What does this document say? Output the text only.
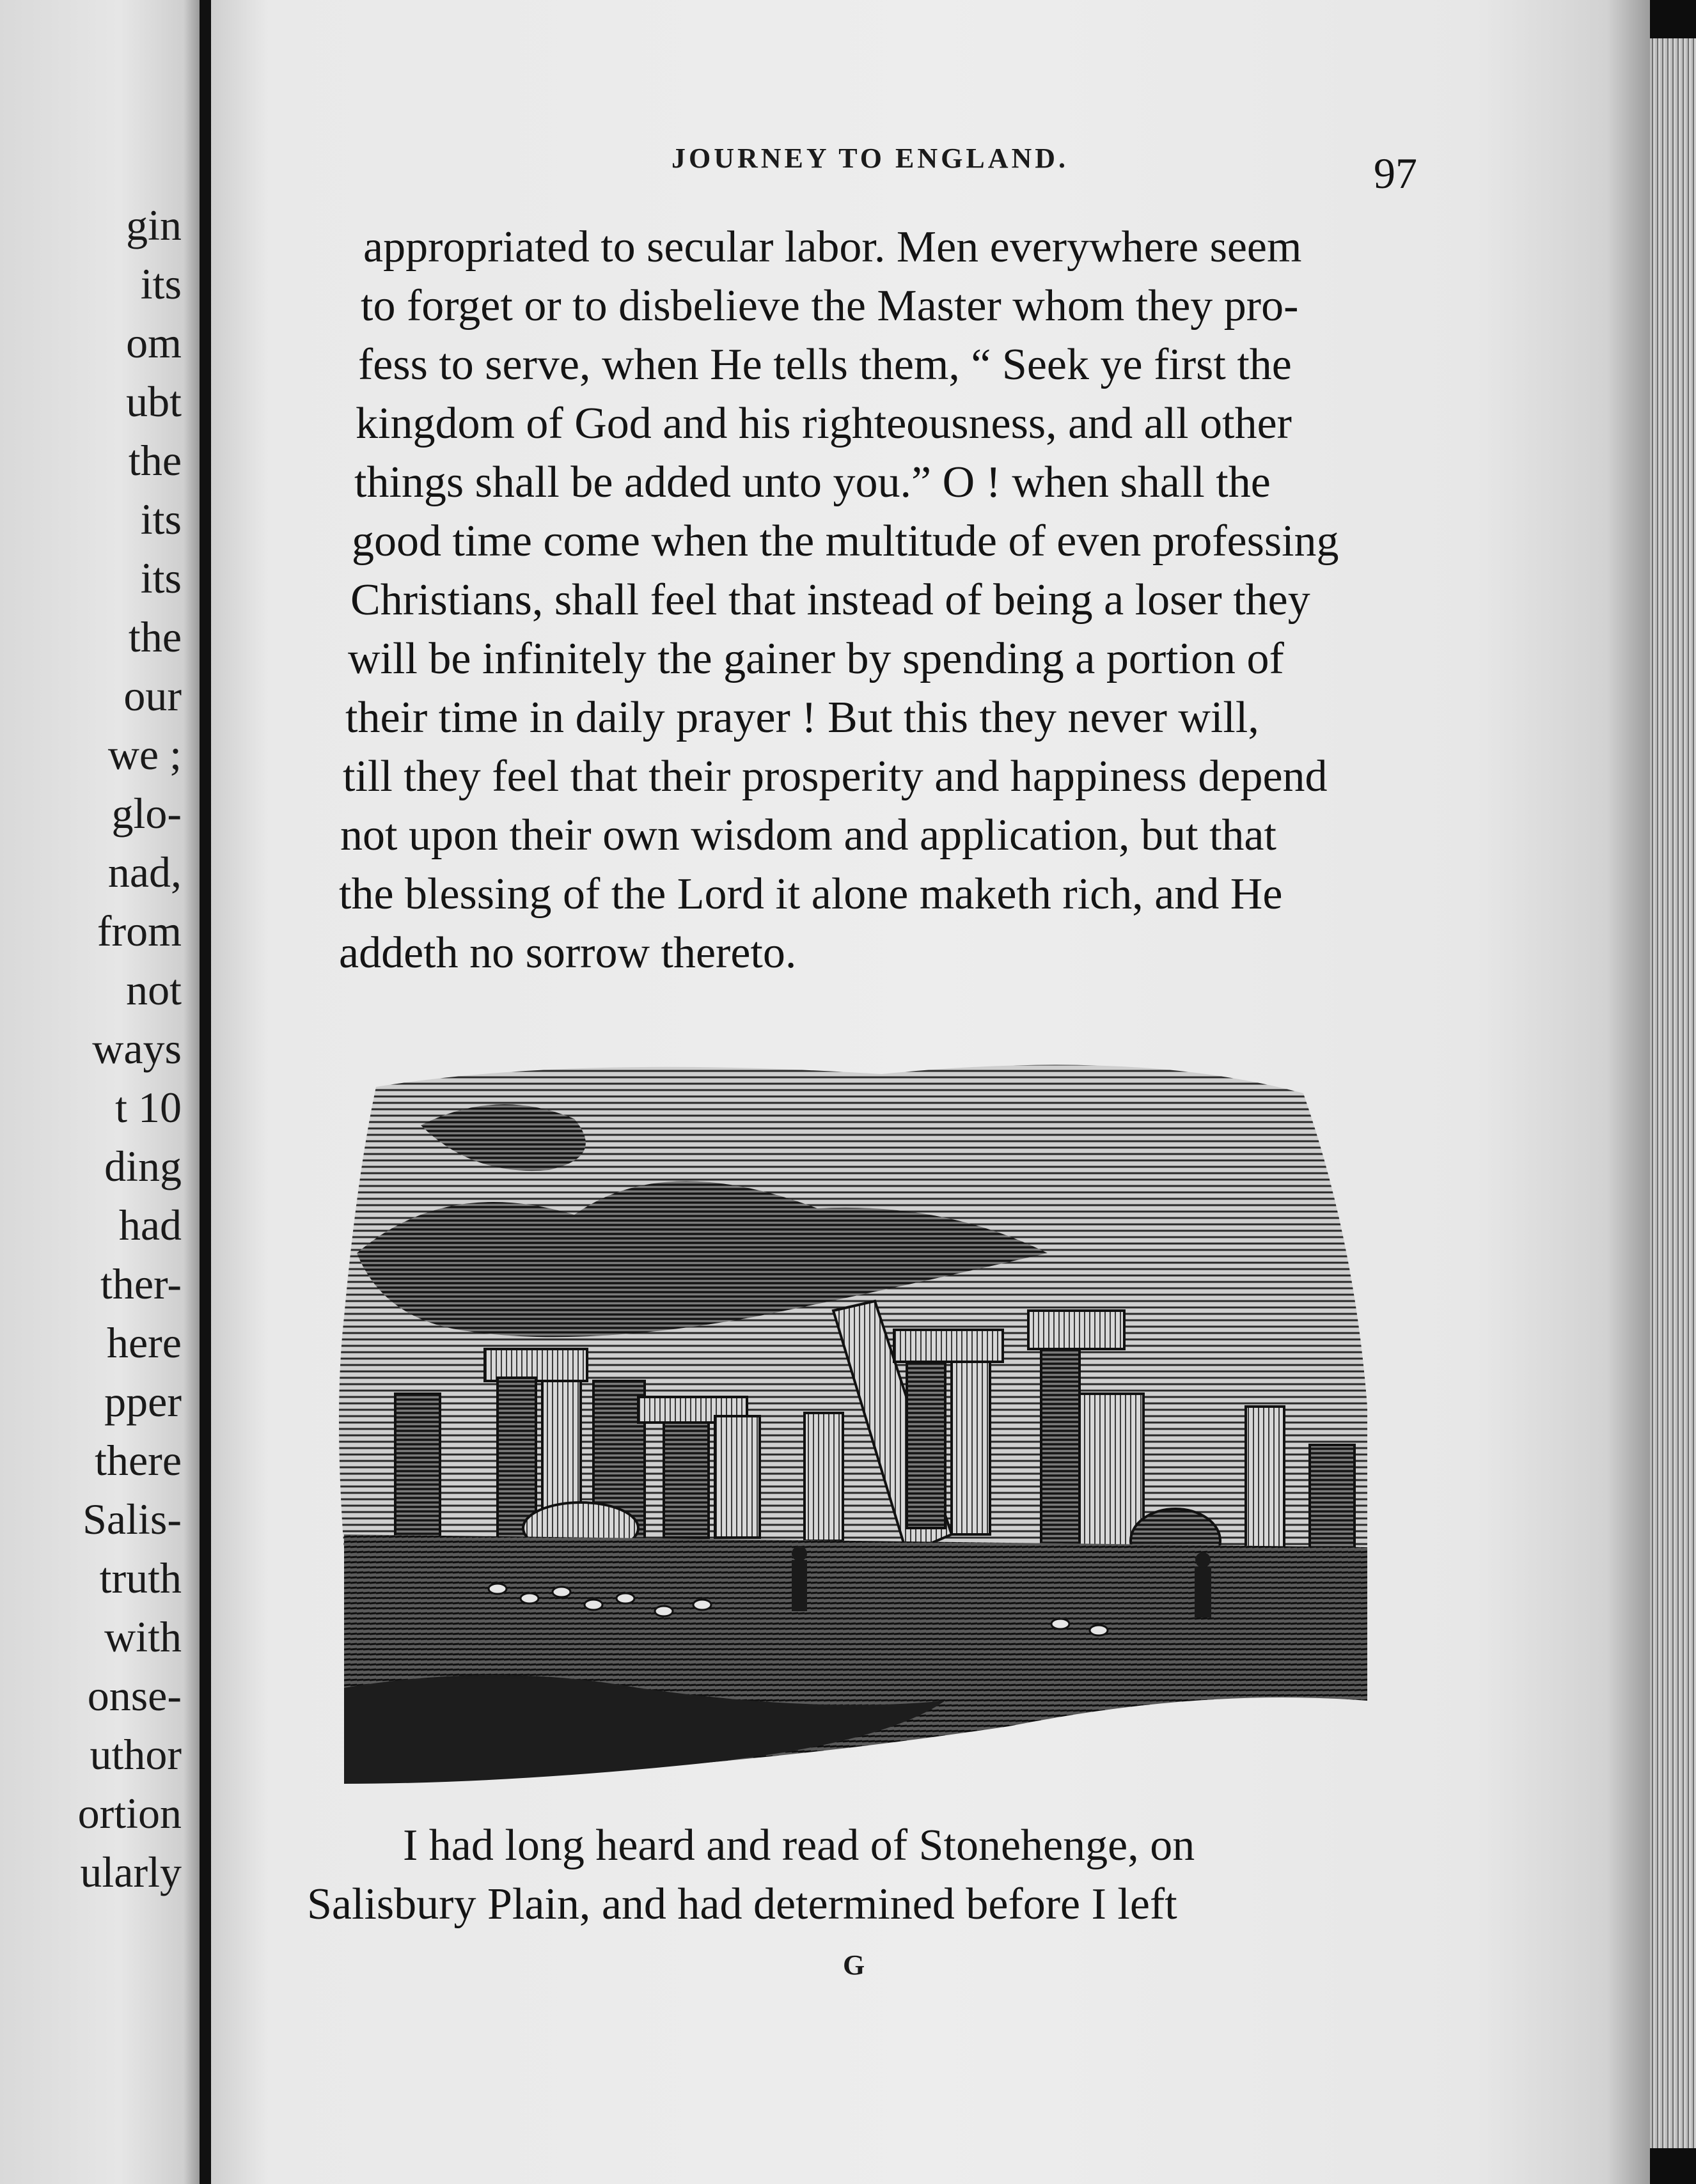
gin

its

om

ubt

the

its

its

the

our

we ;

glo-

nad,

from

not

ways

t 10

ding

had

ther-

here

pper

there

Salis-

truth

with

onse-

uthor

ortion

ularly

JOURNEY TO ENGLAND.	97

appropriated to secular labor. Men everywhere seem

to forget or to disbelieve the Master whom they pro-

fess to serve, when He tells them, “ Seek ye first the

kingdom of God and his righteousness, and all other

things shall be added unto you.” O ! when shall the

good time come when the multitude of even professing

Christians, shall feel that instead of being a loser they

will be infinitely the gainer by spending a portion of

their time in daily prayer ! But this they never will,

till they feel that their prosperity and happiness depend

not upon their own wisdom and application, but that

the blessing of the Lord it alone maketh rich, and He

addeth no sorrow thereto.

I had long heard and read of Stonehenge, on

Salisbury Plain, and had determined before I left

G
